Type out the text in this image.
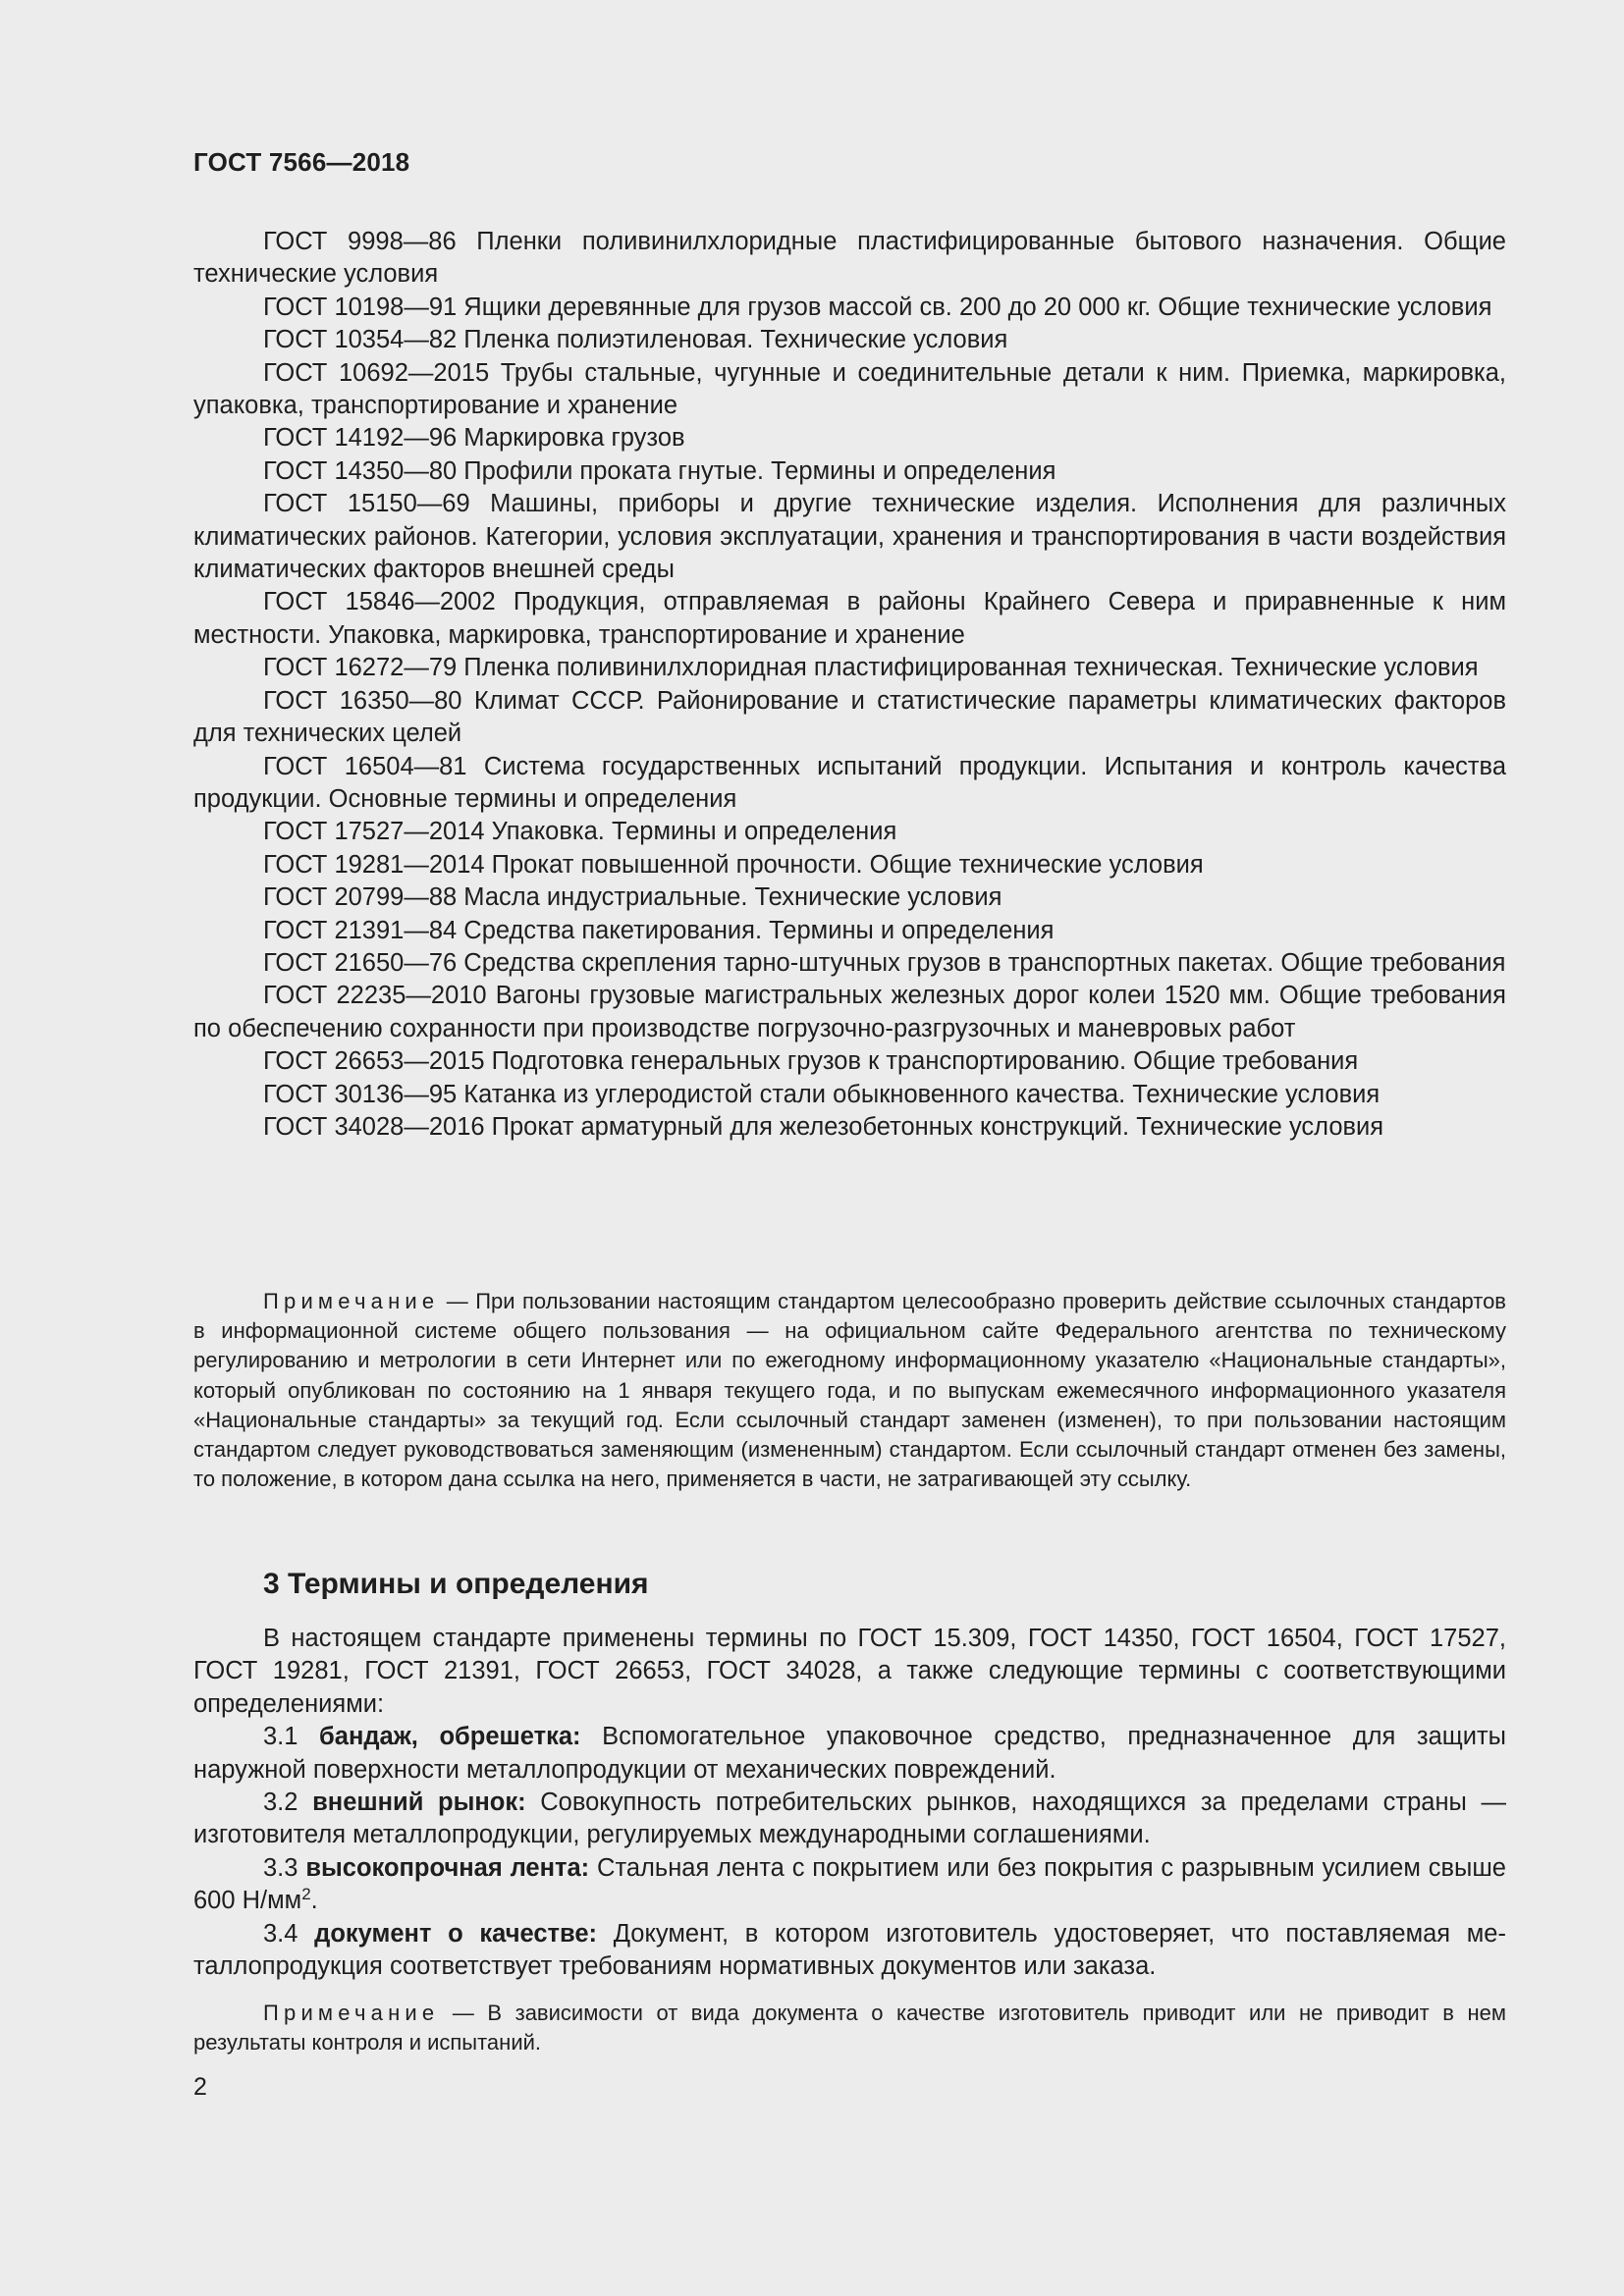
ГОСТ 7566—2018

ГОСТ 9998—86 Пленки поливинилхлоридные пластифицированные бытового назначения. Общие технические условия

ГОСТ 10198—91 Ящики деревянные для грузов массой св. 200 до 20 000 кг. Общие технические условия

ГОСТ 10354—82 Пленка полиэтиленовая. Технические условия

ГОСТ 10692—2015 Трубы стальные, чугунные и соединительные детали к ним. Приемка, маркировка, упаковка, транспортирование и хранение

ГОСТ 14192—96 Маркировка грузов

ГОСТ 14350—80 Профили проката гнутые. Термины и определения

ГОСТ 15150—69 Машины, приборы и другие технические изделия. Исполнения для различных климатических районов. Категории, условия эксплуатации, хранения и транспортирования в части воздействия климатических факторов внешней среды

ГОСТ 15846—2002 Продукция, отправляемая в районы Крайнего Севера и приравненные к ним местности. Упаковка, маркировка, транспортирование и хранение

ГОСТ 16272—79 Пленка поливинилхлоридная пластифицированная техническая. Технические условия

ГОСТ 16350—80 Климат СССР. Районирование и статистические параметры климатических факторов для технических целей

ГОСТ 16504—81 Система государственных испытаний продукции. Испытания и контроль качества продукции. Основные термины и определения

ГОСТ 17527—2014 Упаковка. Термины и определения

ГОСТ 19281—2014 Прокат повышенной прочности. Общие технические условия

ГОСТ 20799—88 Масла индустриальные. Технические условия

ГОСТ 21391—84 Средства пакетирования. Термины и определения

ГОСТ 21650—76 Средства скрепления тарно-штучных грузов в транспортных пакетах. Общие требования

ГОСТ 22235—2010 Вагоны грузовые магистральных железных дорог колеи 1520 мм. Общие требования по обеспечению сохранности при производстве погрузочно-разгрузочных и маневровых работ

ГОСТ 26653—2015 Подготовка генеральных грузов к транспортированию. Общие требования

ГОСТ 30136—95 Катанка из углеродистой стали обыкновенного качества. Технические условия

ГОСТ 34028—2016 Прокат арматурный для железобетонных конструкций. Технические условия

Примечание — При пользовании настоящим стандартом целесообразно проверить действие ссылочных стандартов в информационной системе общего пользования — на официальном сайте Федерального агентства по техническому регулированию и метрологии в сети Интернет или по ежегодному информационному указателю «Национальные стандарты», который опубликован по состоянию на 1 января текущего года, и по выпускам ежемесячного информационного указателя «Национальные стандарты» за текущий год. Если ссылочный стандарт заменен (изменен), то при пользовании настоящим стандартом следует руководствоваться заменяющим (измененным) стандартом. Если ссылочный стандарт отменен без замены, то положение, в котором дана ссылка на него, применяется в части, не затрагивающей эту ссылку.

3 Термины и определения

В настоящем стандарте применены термины по ГОСТ 15.309, ГОСТ 14350, ГОСТ 16504, ГОСТ 17527, ГОСТ 19281, ГОСТ 21391, ГОСТ 26653, ГОСТ 34028, а также следующие термины с соответствующими определениями:

3.1 бандаж, обрешетка: Вспомогательное упаковочное средство, предназначенное для защиты наружной поверхности металлопродукции от механических повреждений.

3.2 внешний рынок: Совокупность потребительских рынков, находящихся за пределами страны — изготовителя металлопродукции, регулируемых международными соглашениями.

3.3 высокопрочная лента: Стальная лента с покрытием или без покрытия с разрывным усилием свыше 600 $Н/мм^2$.

3.4 документ о качестве: Документ, в котором изготовитель удостоверяет, что поставляемая металлопродукция соответствует требованиям нормативных документов или заказа.

Примечание — В зависимости от вида документа о качестве изготовитель приводит или не приводит в нем результаты контроля и испытаний.

2
